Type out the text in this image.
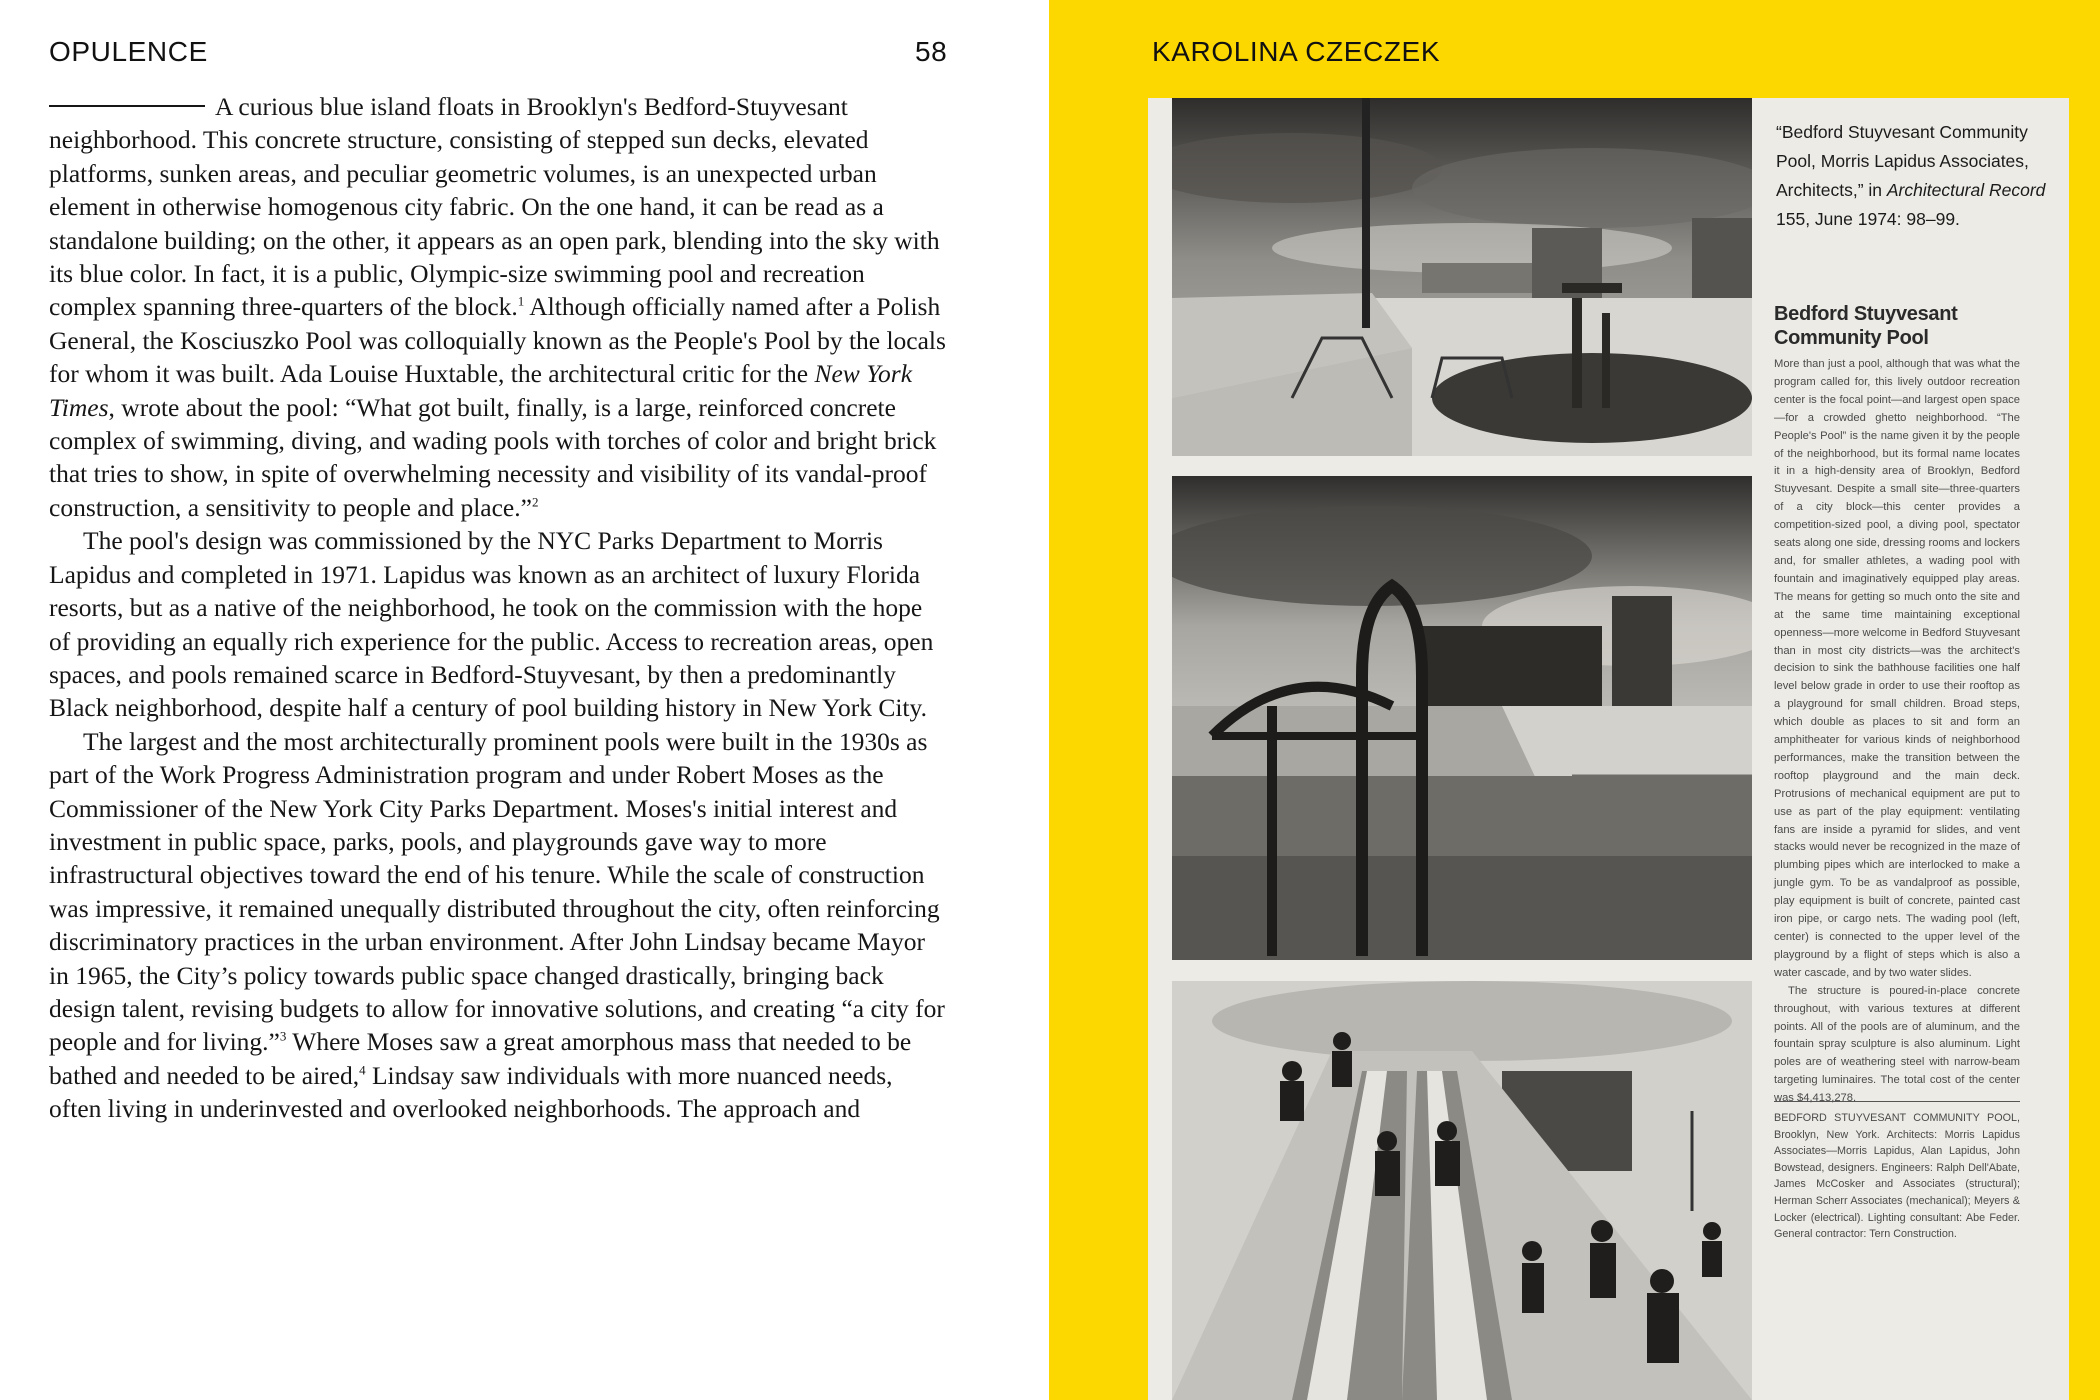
OPULENCE	58

A curious blue island floats in Brooklyn's Bedford-Stuyvesant neighborhood. This concrete structure, consisting of stepped sun decks, elevated platforms, sunken areas, and peculiar geometric volumes, is an unexpected urban element in otherwise homogenous city fabric. On the one hand, it can be read as a standalone building; on the other, it appears as an open park, blending into the sky with its blue color. In fact, it is a public, Olympic-size swimming pool and recreation complex spanning three-quarters of the block.$^1$ Although officially named after a Polish General, the Kosciuszko Pool was colloquially known as the People's Pool by the locals for whom it was built. Ada Louise Huxtable, the architectural critic for the New York Times, wrote about the pool: “What got built, finally, is a large, reinforced concrete complex of swimming, diving, and wading pools with torches of color and bright brick that tries to show, in spite of overwhelming necessity and visibility of its vandal-proof construction, a sensitivity to people and place.”$^2$

The pool's design was commissioned by the NYC Parks Department to Morris Lapidus and completed in 1971. Lapidus was known as an architect of luxury Florida resorts, but as a native of the neighborhood, he took on the commission with the hope of providing an equally rich experience for the public. Access to recreation areas, open spaces, and pools remained scarce in Bedford-Stuyvesant, by then a predominantly Black neighborhood, despite half a century of pool building history in New York City.

The largest and the most architecturally prominent pools were built in the 1930s as part of the Work Progress Administration program and under Robert Moses as the Commissioner of the New York City Parks Department. Moses's initial interest and investment in public space, parks, pools, and playgrounds gave way to more infrastructural objectives toward the end of his tenure. While the scale of construction was impressive, it remained unequally distributed throughout the city, often reinforcing discriminatory practices in the urban environment. After John Lindsay became Mayor in 1965, the City’s policy towards public space changed drastically, bringing back design talent, revising budgets to allow for innovative solutions, and creating “a city for people and for living.”$^3$ Where Moses saw a great amorphous mass that needed to be bathed and needed to be aired,$^4$ Lindsay saw individuals with more nuanced needs, often living in underinvested and overlooked neighborhoods. The approach and

KAROLINA CZECZEK
“Bedford Stuyvesant Community Pool, Morris Lapidus Associates, Architects,” in Architectural Record 155, June 1974: 98–99.
Bedford Stuyvesant Community Pool

More than just a pool, although that was what the program called for, this lively outdoor recreation center is the focal point—and largest open space—for a crowded ghetto neighborhood. “The People's Pool” is the name given it by the people of the neighborhood, but its formal name locates it in a high-density area of Brooklyn, Bedford Stuyvesant. Despite a small site—three-quarters of a city block—this center provides a competition-sized pool, a diving pool, spectator seats along one side, dressing rooms and lockers and, for smaller athletes, a wading pool with fountain and imaginatively equipped play areas. The means for getting so much onto the site and at the same time maintaining exceptional openness—more welcome in Bedford Stuyvesant than in most city districts—was the architect's decision to sink the bathhouse facilities one half level below grade in order to use their rooftop as a playground for small children. Broad steps, which double as places to sit and form an amphitheater for various kinds of neighborhood performances, make the transition between the rooftop playground and the main deck. Protrusions of mechanical equipment are put to use as part of the play equipment: ventilating fans are inside a pyramid for slides, and vent stacks would never be recognized in the maze of plumbing pipes which are interlocked to make a jungle gym. To be as vandalproof as possible, play equipment is built of concrete, painted cast iron pipe, or cargo nets. The wading pool (left, center) is connected to the upper level of the playground by a flight of steps which is also a water cascade, and by two water slides.

The structure is poured-in-place concrete throughout, with various textures at different points. All of the pools are of aluminum, and the fountain spray sculpture is also aluminum. Light poles are of weathering steel with narrow-beam targeting luminaires. The total cost of the center was $4,413,278.

BEDFORD STUYVESANT COMMUNITY POOL, Brooklyn, New York. Architects: Morris Lapidus Associates—Morris Lapidus, Alan Lapidus, John Bowstead, designers. Engineers: Ralph Dell'Abate, James McCosker and Associates (structural); Herman Scherr Associates (mechanical); Meyers & Locker (electrical). Lighting consultant: Abe Feder. General contractor: Tern Construction.
